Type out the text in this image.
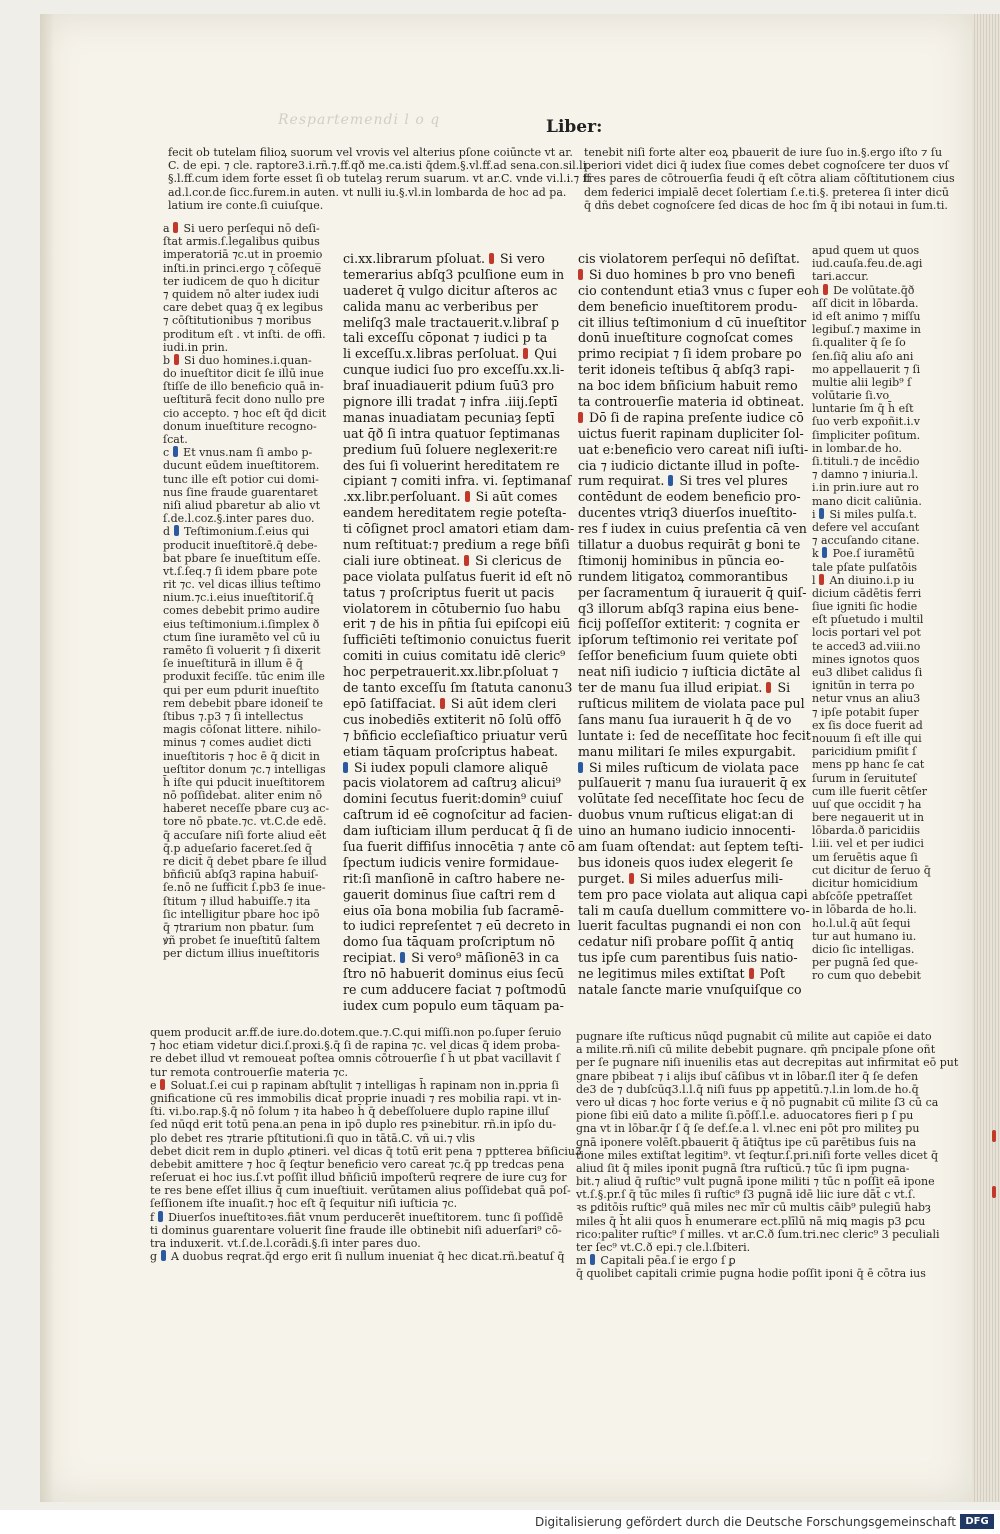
Respartemendi l o q	Liber:
fecit ob tutelam filioꝝ suorum vel vrovis vel alterius pſone coiūncte vt ar.
C. de epi. ⁊ cle. raptore3.i.rñ.⁊.ff.qð me.ca.isti q̄dem.§.vl.ff.ad sena.con.sil.li.
§.l.ff.cum idem forte esset ſi ob tutelaȝ rerum suarum. vt ar.C. vnde vi.l.i.⁊ ff
ad.l.cor.de ſicc.furem.in auten. vt nulli iu.§.vl.in lombarda de hoc ad pa.
latium ire conte.ſi cuiuſque.
tenebit niſi forte alter eoꝝ pbauerit de iure ſuo in.§.ergo iſto ⁊ ſu
periori videt dici q̄ iudex ſiue comes debet cognoſcere ter duos vſ
tres pares de cōtrouerſia feudi q̄ eſt cōtra aliam cōſtitutionem cius
dem federici impialē decet ſolertiam ſ.e.ti.§. preterea ſi inter dicū
q̄ dñs debet cognoſcere ſed dicas de hoc ſm q̄ ibi notaui in ſum.ti.
a  Si uero perſequi nō deſi-
ſtat armis.ſ.legalibus quibus
imperatoriā ⁊c.ut in proemio
inſti.in princi.ergo ⁊ cōſeque̅
ter iudicem de quo h̄ dicitur
⁊ quidem nō alter iudex iudi
care debet quaȝ q̄ ex legibus
⁊ cōſtitutionibus ⁊ moribus
proditum eſt . vt inſti. de offi.
iudi.in prin.
b  Si duo homines.i.quan-
do inueſtitor dicit ſe illū inue
ſtiſſe de illo beneficio quā in-
ueſtiturā fecit dono nullo pre
cio accepto. ⁊ hoc eſt q̄d dicit
donum inueſtiture recogno-
ſcat.
c  Et vnus.nam ſi ambo p-
ducunt eūdem inueſtitorem.
tunc ille eſt potior cui domi-
nus ſine fraude guarentaret
niſi aliud pbaretur ab alio vt
ſ.de.l.coz.§.inter pares duo.
d  Teſtimonium.ſ.eius qui
producit inueſtitorē.q̄ debe-
bat pbare ſe inueſtitum eſſe.
vt.ſ.ſeq.⁊ ſi idem pbare pote
rit ⁊c. vel dicas illius teſtimo
nium.⁊c.i.eius inueſtitoriſ.q̄
comes debebit primo audire
eius teſtimonium.i.ſimplex ð
ctum ſine iuramēto vel cū iu
ramēto ſi voluerit ⁊ ſi dixerit
ſe inueſtiturā in illum ē q̄
produxit feciſſe. tūc enim ille
qui per eum pdurit inueſtito
rem debebit pbare idoneiſ te
ſtibus ⁊.p3 ⁊ ſi intellectus
magis cōſonat littere. nihilo-
minus ⁊ comes audiet dicti
inueſtitoris ⁊ hoc ē q̄ dicit in
ueſtitor donum ⁊c.⁊ intelligas
h̄ iſte qui pducit inueſtitorem
nō poſſidebat. aliter enim nō
haberet neceſſe pbare cuȝ ac-
tore nō pbate.⁊c. vt.C.de edē.
q̄ accuſare niſi forte aliud eēt
q̄.p adueſario faceret.ſed q̄
re dicit̄ q̄ debet pbare ſe illud
bñficiū abſq3 rapina habuiſ-
ſe.nō ne ſufficit ſ.pb3 ſe inue-
ſtitum ⁊ illud habuiſſe.⁊ ita
ſic intelligitur pbare hoc ipō
q̄ ⁊trarium non pbatur. ſum
ꝟñ probet ſe inueſtitū ſaltem
per dictum illius inueſtitoris
apud quem ut quos
iud.cauſa.feu.de.agi
tari.accur.
h  De volūtate.q̄ð
aſſ dicit in lōbarda.
id eſt animo ⁊ miſſu
legibuſ.⁊ maxime in
ſi.qualiter q̄ ſe ſo
ſen.ſiq̄ aliu aſo ani
mo appellauerit ⁊ ſi
multie alii legib⁹ ſ
volūtarie ſi.vo
luntarie ſm q̄ h̄ eſt
ſuo verb expoñit.i.v
ſimpliciter poſitum.
in lombar.de ho.
ſi.tituli.⁊ de incēdio
⁊ damno ⁊ iniuria.l.
i.in prin.iure aut ro
mano dicit caliūnia.
i  Si miles pulſa.t.
defere vel accuſant
⁊ accuſando citane.
k  Poe.ſ iuramētū
tale pſate pulſatōis
l  An diuino.i.p iu
dicium cādētis ferri
ſiue igniti ſic hodie
eſt pſuetudo i multil
locis portari vel pot
te acced3 ad.viii.no
mines ignotos quos
eu3 dlibet calidus ſi
ignitūn in terra po
netur vnus an aliu3
⁊ ipſe potabit ſuper
ex ſis doce fuerit ad
nouum ſi eſt ille qui
paricidium pmiſit ſ
mens pp hanc ſe cat
ſurum in ſeruituteſ
cum ille fuerit cētſer
uuſ que occidit ⁊ ha
bere negauerit ut in
lōbarda.ð paricidiis
l.iii. vel et per iudici
um ſeruētis aque ſi
cut dicitur de ſeruo q̄
dicitur homicidium
abſcōſe ppetraſſet
in lōbarda de ho.li.
ho.l.ul.q̄ aūt ſequi
tur aut humano iu.
dicio ſic intelligas.
per pugnā ſed que-
ro cum quo debebit
ci.xx.librarum pſoluat.  Si vero
temerarius abſq3 pculſione eum in
uaderet q̄ vulgo dicitur aſteros ac
calida manu ac verberibus per
meliſq3 male tractauerit.v.libraſ p
tali exceſſu cōponat ⁊ iudici p ta
li exceſſu.x.libras perſoluat.  Qui
cunque iudici ſuo pro exceſſu.xx.li-
braſ inuadiauerit pdium ſuū3 pro
pignore illi tradat ⁊ infra .iiij.ſeptī
manas inuadiatam pecuniaȝ ſeptī
uat q̄ð ſi intra quatuor ſeptimanas
predium ſuū ſoluere neglexerit:re
des ſui ſi voluerint hereditatem re
cipiant ⁊ comiti infra. vi. ſeptimanaſ
.xx.libr.perſoluant.  Si aūt comes
eandem hereditatem regie poteſta-
ti cōſignet procl amatori etiam dam-
num reſtituat:⁊ predium a rege bñſi
ciali iure obtineat.  Si clericus de
pace violata pulſatus fuerit id eſt nō
tatus ⁊ proſcriptus fuerit ut pacis
violatorem in cōtubernio ſuo habu
erit ⁊ de his in pñtia ſui epiſcopi eiū
ſufficiēti teſtimonio conuictus fuerit
comiti in cuius comitatu idē cleric⁹
hoc perpetrauerit.xx.libr.pſoluat ⁊
de tanto exceſſu ſm ſtatuta canonu3
epō ſatiſfaciat.  Si aūt idem cleri
cus inobediēs extiterit nō ſolū offō
⁊ bñficio eccleſiaſtico priuatur verū
etiam tāquam proſcriptus habeat.
Si iudex populi clamore aliquē
pacis violatorem ad caſtruȝ alicui⁹
domini ſecutus fuerit:domin⁹ cuiuſ
caſtrum id eē cognoſcitur ad facien-
dam iuſticiam illum perducat q̄ ſi de
ſua fuerit diffiſus innocētia ⁊ ante cō
ſpectum iudicis venire formidaue-
rit:ſi manſionē in caſtro habere ne-
gauerit dominus ſiue caſtri rem d
eius oīa bona mobilia ſub ſacramē-
to iudici repreſentet ⁊ eū decreto in
domo ſua tāquam proſcriptum nō
recipiat.  Si vero⁹ māſionē3 in ca
ſtro nō habuerit dominus eius ſecū
re cum adducere faciat ⁊ poſtmodū
iudex cum populo eum tāquam pa-
cis violatorem perſequi nō deſiſtat.
Si duo homines b pro vno benefi
cio contendunt etia3 vnus c ſuper eo
dem beneficio inueſtitorem produ-
cit illius teſtimonium d cū inueſtitor
donū inueſtiture cognoſcat comes
primo recipiat ⁊ ſi idem probare po
terit idoneis teſtibus q̄ abſq3 rapi-
na boc idem bñſicium habuit remo
ta controuerſie materia id obtineat.
Dō ſi de rapina preſente iudice cō
uictus fuerit rapinam dupliciter ſol-
uat e:beneficio vero careat niſi iuſti-
cia ⁊ iudicio dictante illud in poſte-
rum requirat.  Si tres vel plures
contēdunt de eodem beneficio pro-
ducentes vtriq3 diuerſos inueſtito-
res f iudex in cuius preſentia cā ven
tillatur a duobus requirāt g boni te
ſtimonij hominibus in pũncia eo-
rundem litigatoꝝ commorantibus
per ſacramentum q̄ iurauerit q̄ quiſ-
q3 illorum abſq3 rapina eius bene-
ficij poſſeſſor extiterit: ⁊ cognita er
ipſorum teſtimonio rei veritate poſ
ſeſſor beneficium ſuum quiete obti
neat niſi iudicio ⁊ iuſticia dictāte al
ter de manu ſua illud eripiat.  Si
ruſticus militem de violata pace pul
ſans manu ſua iurauerit h q̄ de vo
luntate i: ſed de neceſſitate hoc fecit
manu militari ſe miles expurgabit.
Si miles ruſticum de violata pace
pulſauerit ⁊ manu ſua iurauerit q̄ ex
volūtate ſed neceſſitate hoc ſecu de
duobus vnum ruſticus eligat:an di
uino an humano iudicio innocenti-
am ſuam oſtendat: aut ſeptem teſti-
bus idoneis quos iudex elegerit ſe
purget.  Si miles aduerſus mili-
tem pro pace violata aut aliqua capi
tali m cauſa duellum committere vo-
luerit facultas pugnandi ei non con
cedatur niſi probare poſſit q̄ antiq
tus ipſe cum parentibus ſuis natio-
ne legitimus miles extiſtat  Poſt
natale ſancte marie vnuſquiſque co
quem producit ar.ff.de iure.do.dotem.que.⁊.C.qui miſſi.non po.ſuper ſeruio
⁊ hoc etiam videtur dici.ſ.proxi.§.q̄ ſi de rapina ⁊c. vel dicas q̄ idem proba-
re debet illud vt remoueat poſtea omnis cōtrouerſie ſ h̄ ut pbat vacillavit ſ
tur remota controuerſie materia ⁊c.
e  Soluat.ſ.ei cui p rapinam abſtulit ⁊ intelligas h̄ rapinam non in.ppria ſi
gnificatione cū res immobilis dicat̄ proprie inuadi ⁊ res mobilia rapi. vt in-
ſti. vi.bo.rap.§.q̄ nō ſolum ⁊ ita habeo h̄ q̄ debeſſoluere duplo rapine illuſ
ſed nūqd erit totū pena.an pena in ipō duplo res pꝛinebitur. rñ.in ipſo du-
plo debet res ⁊trarie pſtitutioni.ſi quo in tātā.C. vñ ui.⁊ vlis
debet dicit rem in duplo ꝓtineri. vel dicas q̄ totū erit pena ⁊ pptterea bñſiciu3
debebit amittere ⁊ hoc q̄ ſeqtur beneficio vero careat ⁊c.q̄ pp tredcas pena
reſeruat ei hoc ius.ſ.vt poſſit illud bñſiciū impoſterū reqrere de iure cuȝ for
te res bene eſſet illius q̄ cum inueſtiuit. verūtamen alius poſſidebat quā poſ-
ſeſſionem iſte inuaſit.⁊ hoc eſt q̄ ſequitur niſi iuſticia ⁊c.
f  Diuerſos inueſtitoꝛes.fiāt vnum perducerēt inueſtitorem. tunc ſi poſſidē
ti dominus guarentare voluerit ſine fraude ille obtinebit niſi aduerſari⁹ cō-
tra induxerit. vt.ſ.de.l.corādi.§.ſi inter pares duo.
g  A duobus reqrat.q̄d ergo erit ſi nullum inueniat q̄ hec dicat.rñ.beatuſ q̄
pugnare iſte ruſticus nūqd pugnabit cū milite aut capiōe ei dato
a milite.rñ.niſi cū milite debebit pugnare. qm̄ pncipale pſone oñt
per ſe pugnare niſi inuenilis etas aut decrepitas aut infirmitat eō put
gnare pbibeat ⁊ i alijs ibuſ cāſibus vt in lōbar.ſl iter q̄ ſe defen
de3 de ⁊ dubſcūq3.l.l.q̄ niſi fuus pp appetitū.⁊.l.in lom.de ho.q̄
vero uł dicas ⁊ hoc forte verius e q̄ nō pugnabit cū milite ſ3 cū ca
pione ſibi eiū dato a milite ſi.pōſſ.l.e. aduocatores fieri p ſ pu
gna vt in lōbar.q̄r ſ q̄ ſe def.ſe.a l. vl.nec eni pōt pro militeȝ pu
gnā iponere volēſt.pbauerit q̄ ātiq̄tus ipe cū parētibus ſuis na
tione miles extiſtat legitim⁹. vt ſeqtur.ſ.pri.niſi forte velles dicet q̄
aliud ſit q̄ miles iponit pugnā ſtra ruſticū.⁊ tūc ſi ipm pugna-
bit.⁊ aliud q̄ ruſtic⁹ vult pugnā ipone militi ⁊ tūc n poſſit eā ipone
vt.ſ.§.pr.ſ q̄ tūc miles ſi ruſtic⁹ ſ3 pugnā idē liic iure dāt̄ c vt.ſ.
ꝛs ꝑditōis ruſtic⁹ quā miles nec mīr cū multis cāib⁹ pulegiū habȝ
miles q̄ h̄t alii quos h̄ enumerare ect.plīlū nā miꝗ magis p3 ꝑcu
rico:paliter ruſtic⁹ ſ milles. vt ar.C.ð ſum.tri.nec cleric⁹ 3 peculiali
ter ſec⁹ vt.C.ð epi.⁊ cle.l.ſbiteri.
m  Capitali pēa.ſ ie ergo ſ ꝑ
q̄ quolibet capitali crimie pugna hodie poſſit iponi q̄ ē cōtra ius
Digitalisierung gefördert durch die Deutsche Forschungsgemeinschaft DFG
